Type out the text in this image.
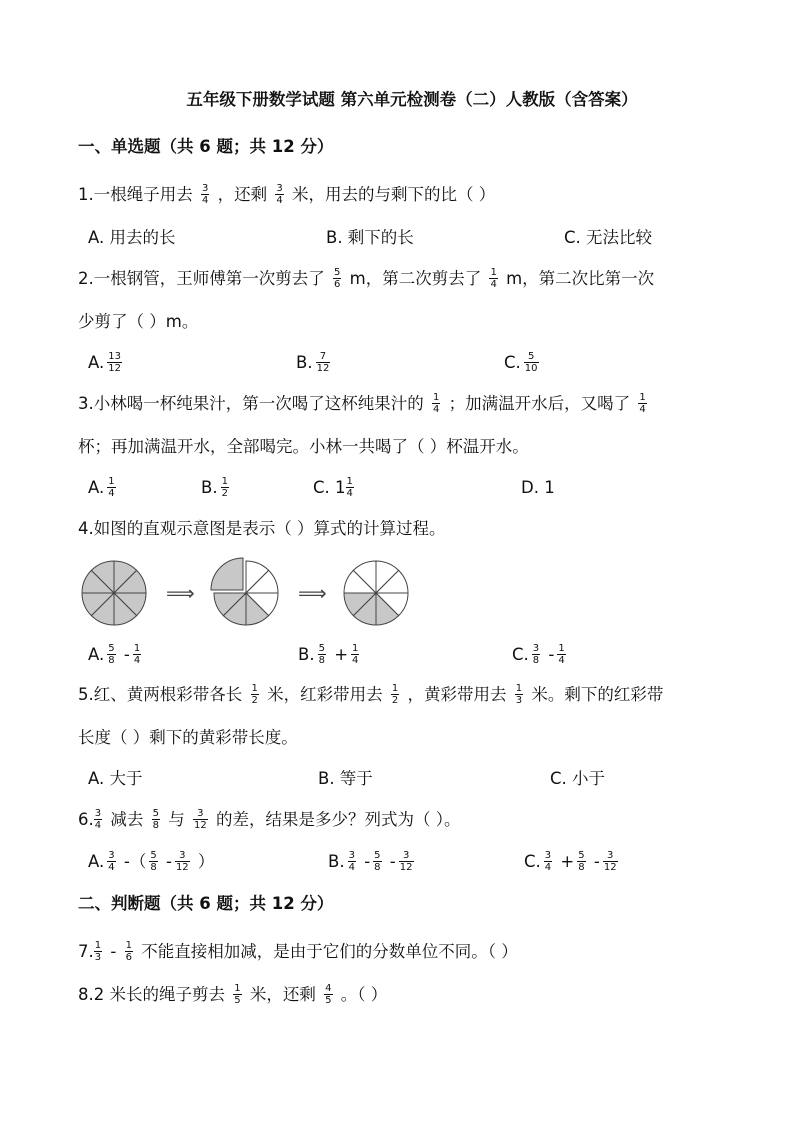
五年级下册数学试题 第六单元检测卷（二）人教版（含答案）
一、单选题（共 6 题；共 12 分）
1.一根绳子用去 $\frac{3}{4}$ ，还剩 $\frac{3}{4}$ 米，用去的与剩下的比（ ）
A. 用去的长	B. 剩下的长	C. 无法比较
2.一根钢管，王师傅第一次剪去了 $\frac{5}{6}$ m，第二次剪去了 $\frac{1}{4}$ m，第二次比第一次
少剪了（ ）m。
A. $\frac{13}{12}$	B. $\frac{7}{12}$	C. $\frac{5}{10}$
3.小林喝一杯纯果汁，第一次喝了这杯纯果汁的 $\frac{1}{4}$ ；加满温开水后，又喝了 $\frac{1}{4}$
杯；再加满温开水，全部喝完。小林一共喝了（ ）杯温开水。
A. $\frac{1}{4}$	B. $\frac{1}{2}$	C. $1 \frac{1}{4}$	D. 1
4.如图的直观示意图是表示（ ）算式的计算过程。
⟹	⟹
A. $\frac{5}{8} - \frac{1}{4}$	B. $\frac{5}{8} + \frac{1}{4}$	C. $\frac{3}{8} - \frac{1}{4}$
5.红、黄两根彩带各长 $\frac{1}{2}$ 米，红彩带用去 $\frac{1}{2}$ ，黄彩带用去 $\frac{1}{3}$ 米。剩下的红彩带
长度（ ）剩下的黄彩带长度。
A. 大于	B. 等于	C. 小于
6. $\frac{3}{4}$ 减去 $\frac{5}{8}$ 与 $\frac{3}{12}$ 的差，结果是多少？列式为（ ）。
A. $\frac{3}{4}$ -（ $\frac{5}{8} - \frac{3}{12}$ ）	B. $\frac{3}{4} - \frac{5}{8} - \frac{3}{12}$	C. $\frac{3}{4} + \frac{5}{8} - \frac{3}{12}$
二、判断题（共 6 题；共 12 分）
7. $\frac{1}{3} - \frac{1}{6}$ 不能直接相加减，是由于它们的分数单位不同。（ ）
8.2 米长的绳子剪去 $\frac{1}{5}$ 米，还剩 $\frac{4}{5}$ 。（ ）
